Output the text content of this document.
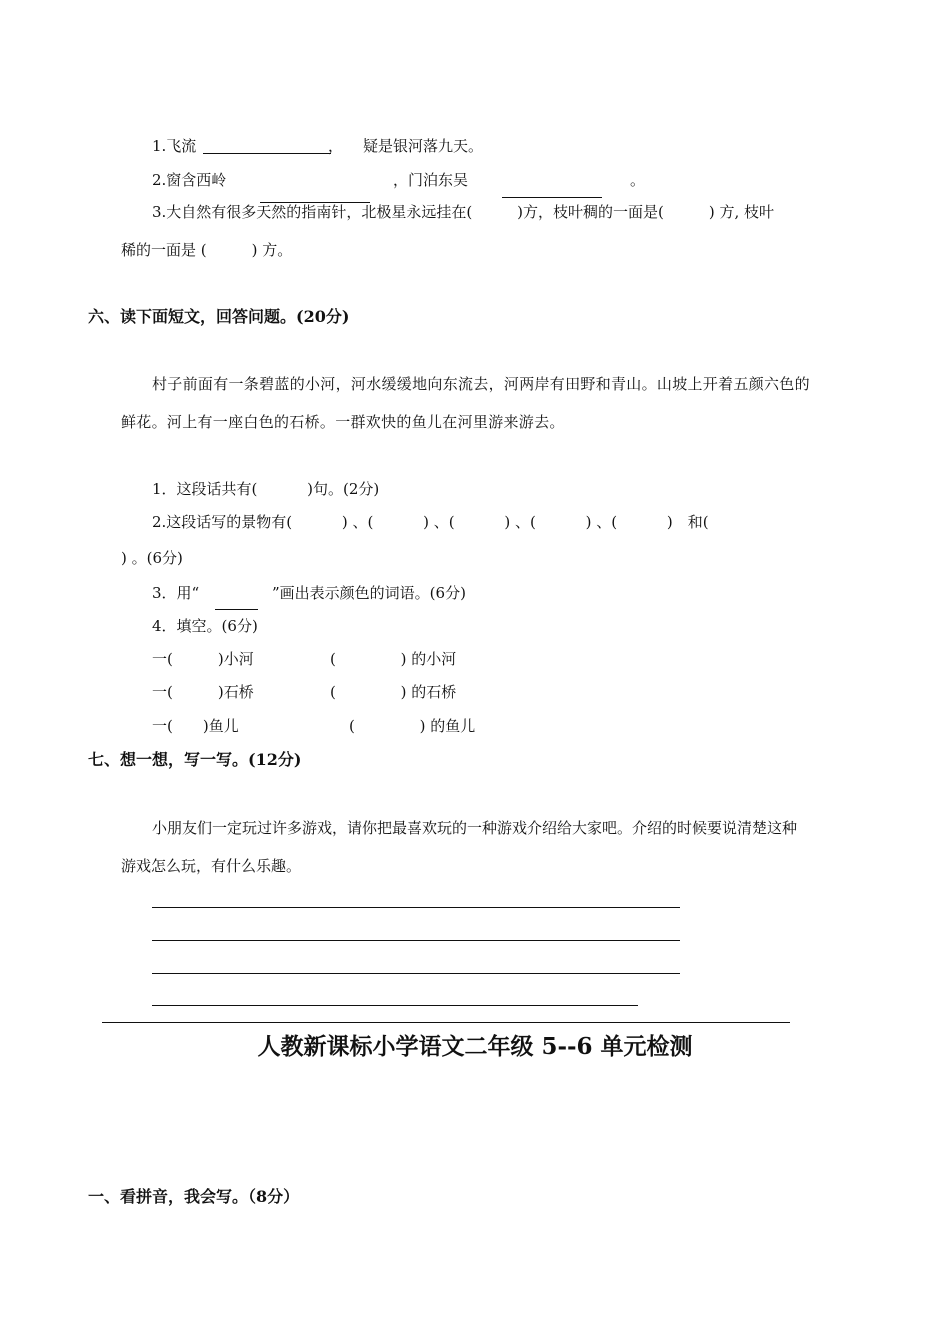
1.飞流	， 疑是银河落九天。
2.窗含西岭	，门泊东吴	。
3.大自然有很多天然的指南针，北极星永远挂在(　　　)方，枝叶稠的一面是(　　　) 方, 枝叶
稀的一面是 (　　　) 方。
六、读下面短文，回答问题。(20分)
村子前面有一条碧蓝的小河，河水缓缓地向东流去，河两岸有田野和青山。山坡上开着五颜六色的
鲜花。河上有一座白色的石桥。一群欢快的鱼儿在河里游来游去。
1．这段话共有(　　　 )句。(2分)
2.这段话写的景物有(　　　 ) 、(　　　 ) 、(　　　 ) 、(　　　 ) 、(　　　 )　和(
) 。(6分)
3．用“	”画出表示颜色的词语。(6分)
4．填空。(6分)
一(　　　)小河	(　　　　 ) 的小河
一(　　　)石桥	(　　　　 ) 的石桥
一(　　)鱼儿	(　　　　 ) 的鱼儿
七、想一想，写一写。(12分)
小朋友们一定玩过许多游戏，请你把最喜欢玩的一种游戏介绍给大家吧。介绍的时候要说清楚这种
游戏怎么玩，有什么乐趣。
人教新课标小学语文二年级 5--6 单元检测
一、看拼音，我会写。（8分）
